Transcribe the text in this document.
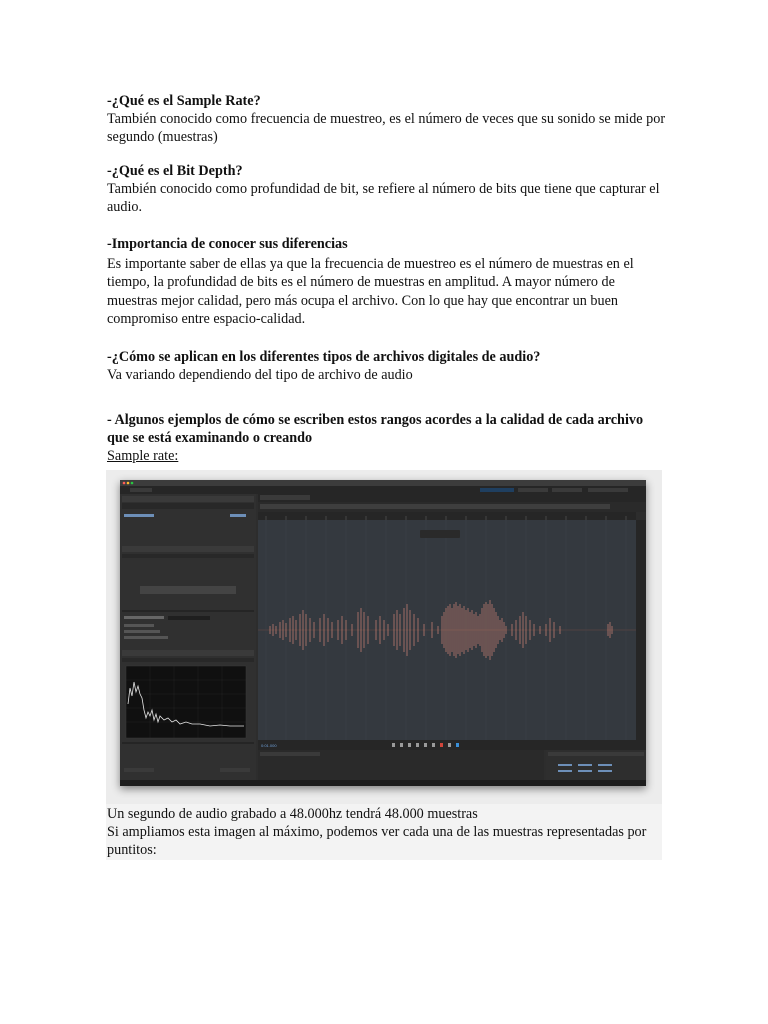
-¿Qué es el Sample Rate?
También conocido como frecuencia de muestreo, es el número de veces que su sonido se mide por segundo (muestras)
-¿Qué es el Bit Depth?
También conocido como profundidad de bit, se refiere al número de bits que tiene que capturar el audio.
-Importancia de conocer sus diferencias
Es importante saber de ellas ya que la frecuencia de muestreo es el número de muestras en el tiempo, la profundidad de bits es el número de muestras en amplitud. A mayor número de muestras mejor calidad, pero más ocupa el archivo. Con lo que hay que encontrar un buen compromiso entre espacio-calidad.
-¿Cómo se aplican en los diferentes tipos de archivos digitales de audio?
Va variando dependiendo del tipo de archivo de audio
- Algunos ejemplos de cómo se escriben estos rangos acordes a la calidad de cada archivo que se está examinando o creando
Sample rate:
0:01.000
Un segundo de audio grabado a 48.000hz tendrá 48.000 muestras
Si ampliamos esta imagen al máximo, podemos ver cada una de las muestras representadas por puntitos:
